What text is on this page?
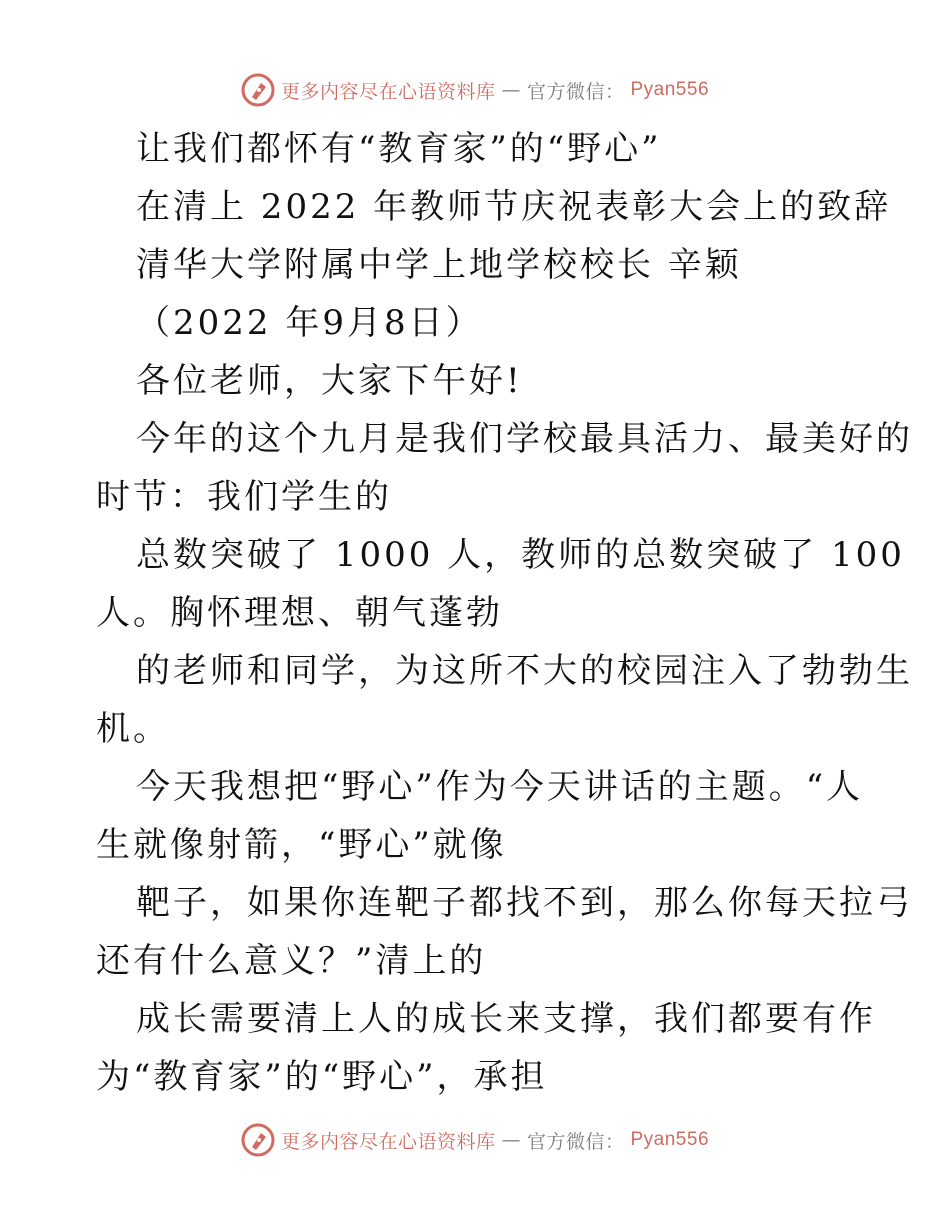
更多内容尽在心语资料库 — 官方微信： Pyan556
让我们都怀有“教育家”的“野心”
在清上 2022 年教师节庆祝表彰大会上的致辞
清华大学附属中学上地学校校长 辛颖
（2022 年9月8日）
各位老师，大家下午好!
今年的这个九月是我们学校最具活力、最美好的
时节：我们学生的
总数突破了 1000 人，教师的总数突破了 100
人。胸怀理想、朝气蓬勃
的老师和同学，为这所不大的校园注入了勃勃生
机。
今天我想把“野心”作为今天讲话的主题。“人
生就像射箭，“野心”就像
靶子，如果你连靶子都找不到，那么你每天拉弓
还有什么意义？”清上的
成长需要清上人的成长来支撑，我们都要有作
为“教育家”的“野心”，承担
更多内容尽在心语资料库 — 官方微信： Pyan556
